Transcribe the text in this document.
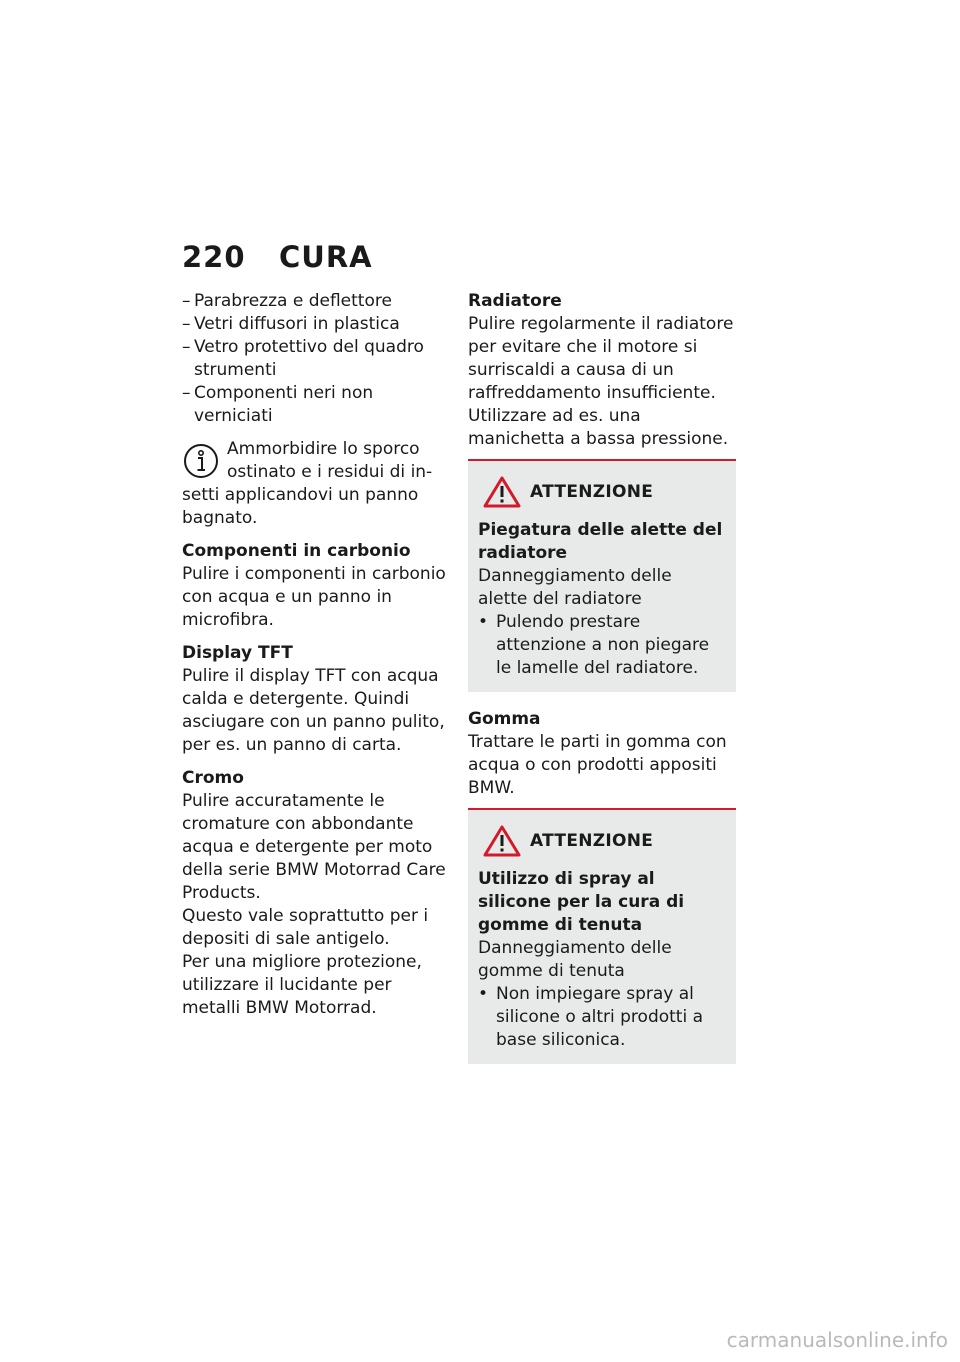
220 CURA
– Parabrezza e deflettore
– Vetri diffusori in plastica
– Vetro protettivo del quadro strumenti
– Componenti neri non verniciati

Ammorbidire lo sporco ostinato e i residui di in-

setti applicandovi un panno bagnato.

Componenti in carbonio

Pulire i componenti in carbonio con acqua e un panno in microfibra.

Display TFT

Pulire il display TFT con acqua calda e detergente. Quindi asciugare con un panno pulito, per es. un panno di carta.

Cromo

Pulire accuratamente le cromature con abbondante acqua e detergente per moto della serie BMW Motorrad Care Products.

Questo vale soprattutto per i depositi di sale antigelo.

Per una migliore protezione, utilizzare il lucidante per metalli BMW Motorrad.

Radiatore

Pulire regolarmente il radiatore per evitare che il motore si surriscaldi a causa di un raffreddamento insufficiente.

Utilizzare ad es. una manichetta a bassa pressione.

ATTENZIONE
Piegatura delle alette del radiatore

Danneggiamento delle alette del radiatore

• Pulendo prestare attenzione a non piegare le lamelle del radiatore.
Gomma

Trattare le parti in gomma con acqua o con prodotti appositi BMW.

ATTENZIONE
Utilizzo di spray al silicone per la cura di gomme di tenuta

Danneggiamento delle gomme di tenuta

• Non impiegare spray al silicone o altri prodotti a base siliconica.
carmanualsonline.info
